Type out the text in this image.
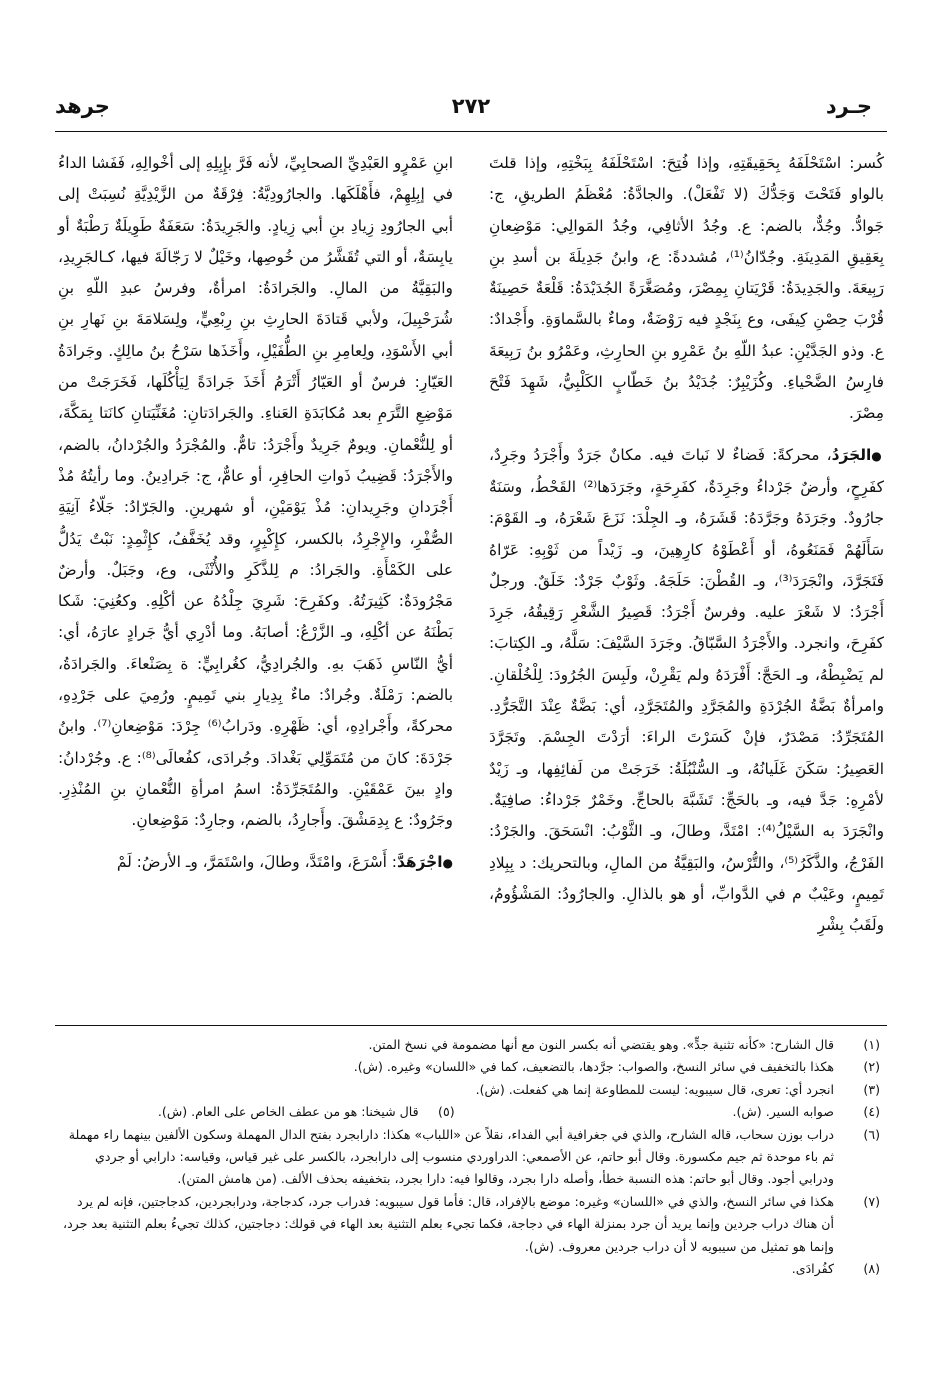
جـرد
٢٧٢
جرهد

كُسر: اسْتَحْلَفَهُ بِحَقِيقَتِهِ، وإذا فُتِحَ: اسْتَحْلَفَهُ بِبَخْتِهِ، وإذا قلتَ بالواو فَتَحْتَ وَجَدُّكَ (لا تَفْعَلْ). والجادَّةُ: مُعْظَمُ الطريقِ، ج: جَوادُّ. وجُدٌّ، بالضم: ع. وجُدُ الأثافِي، وجُدُ المَوالِي: مَوْضِعانِ بِعَقِيقِ المَدِينَةِ. وجُدّانُ⁽¹⁾، مُشددةً: ع، وابنُ جَدِيلَةَ بن أسدِ بنِ رَبِيعَةَ. والجَدِيدَةُ: قَرْيَتانِ بِمِصْرَ، ومُصَغَّرَةً الجُدَيْدَةُ: قَلْعَةٌ حَصِينَةٌ قُرْبَ حِصْنِ كِيفَى، وع بِنَجْدٍ فيه رَوْضَةٌ، وماءٌ بالسَّماوَةِ. وأَجْدادٌ: ع. وذو الجَدَّيْنِ: عبدُ اللّهِ بنُ عَمْرِو بنِ الحارِثِ، وعَمْرُو بنُ رَبِيعَةَ فارِسُ الضَّحْياءِ. وكُزَيْبِرٌ: جُدَيْدُ بنُ خَطّابٍ الكَلْبِيُّ، شَهِدَ فَتْحَ مِصْرَ.

●الجَرَدُ، محركةً: فَضاءٌ لا نَباتَ فيه. مكانٌ جَرَدٌ وأَجْرَدُ وجَرِدٌ، كفَرِحٍ، وأرضٌ جَرْداءُ وجَرِدَةٌ، كفَرِحَةٍ، وجَرَدَها⁽²⁾ القَحْطُ، وسَنَةٌ جارُودٌ. وجَرَدَهُ وجَرَّدَهُ: قَشَرَهُ، وـ الجِلْدَ: نَزَعَ شَعْرَهُ، وـ القَوْمَ: سَأَلَهُمْ فَمَنَعُوهُ، أو أَعْطَوْهُ كارِهِينَ، وـ زَيْداً من ثَوْبِهِ: عَرّاهُ فَتَجَرَّدَ، وانْجَرَدَ⁽³⁾، وـ القُطْنَ: حَلَجَهُ. وثَوْبٌ جَرْدٌ: خَلَقٌ. ورجلٌ أَجْرَدُ: لا شَعْرَ عليه. وفرسٌ أَجْرَدُ: قَصِيرُ الشَّعْرِ رَقِيقُهُ، جَرِدَ كفَرِحَ، وانجرد. والأَجْرَدُ السَّبّاقُ. وجَرَدَ السَّيْفَ: سَلَّهُ، وـ الكِتابَ: لم يَضْبِطْهُ، وـ الحَجَّ: أَفْرَدَهُ ولم يَقْرِنْ، ولَبِسَ الجُرُودَ: لِلْخُلْقانِ. وامرأةٌ بَضَّةُ الجُرْدَةِ والمُجَرَّدِ والمُتَجَرَّدِ، أي: بَضَّةٌ عِنْدَ التَّجَرُّدِ. المُتَجَرِّدُ: مَصْدَرٌ، فإنْ كَسَرْتَ الراءَ: أرَدْتَ الجِسْمَ. وتَجَرَّدَ العَصِيرُ: سَكَنَ غَلَيانُهُ، وـ السُّنْبُلَةُ: خَرَجَتْ من لَفائِفِها، وـ زَيْدٌ لأمْرِهِ: جَدَّ فيه، وـ بالحَجِّ: تَشَبَّهَ بالحاجِّ. وخَمْرٌ جَرْداءُ: صافِيَةٌ. وانْجَرَدَ به السَّيْلُ⁽⁴⁾: امْتَدَّ، وطالَ، وـ الثَّوْبُ: انْسَحَقَ. والجَرْدُ: الفَرْجُ، والذَّكَرُ⁽⁵⁾، والتُّرْسُ، والبَقِيَّةُ من المالِ، وبالتحريك: د بِبِلادِ تَمِيمٍ، وعَيْبٌ م في الدَّوابِّ، أو هو بالذالِ. والجارُودُ: المَشْؤُومُ، ولَقَبُ بِشْرِ

ابنِ عَمْرٍو العَبْدِيِّ الصحابِيِّ، لأنه فَرَّ بإِبِلِهِ إلى أخْوالِهِ، فَفَشا الداءُ في إبِلِهِمْ، فأَهْلَكَها. والجارُودِيَّةُ: فِرْقَةٌ من الزَّيْدِيَّةِ نُسِبَتْ إلى أبي الجارُودِ زِيادِ بنِ أبي زِيادٍ. والجَرِيدَةُ: سَعَفَةٌ طَوِيلَةٌ رَطْبَةٌ أو يابِسَةٌ، أو التي تُقَشَّرُ من خُوصِها، وخَيْلٌ لا رَجّالَةَ فيها، كـالجَرِيدِ، والبَقِيَّةُ من المالِ. والجَرادَةُ: امرأةٌ، وفرسُ عبدِ اللّهِ بنِ شُرَحْبِيلَ، ولأبي قَتادَةَ الحارِثِ بنِ رِبْعِيٍّ، ولِسَلامَةَ بنِ نَهارِ بنِ أبي الأَسْوَدِ، ولِعامِرِ بنِ الطُّفَيْلِ، وأَخَذَها سَرْحُ بنُ مالِكٍ. وجَرادَةُ العَيّارِ: فرسٌ أو العَيّارُ أَتْرَمُ أَخَذَ جَرادَةً لِيَأْكُلَها، فَخَرَجَتْ من مَوْضِعِ التَّرَمِ بعد مُكابَدَةِ العَناءِ. والجَرادَتانِ: مُغَنِّيَتانِ كانَتا بِمَكَّةَ، أو لِلنُّعْمانِ. ويومٌ جَرِيدٌ وأَجْرَدُ: تامٌّ. والمُجْرَدُ والجُرْدانُ، بالضم، والأَجْرَدُ: قَضِيبُ ذَواتِ الحافِرِ، أو عامٌّ، ج: جَرادِينُ. وما رأيتُهُ مُذْ أَجْرَدانِ وجَرِيدانِ: مُذْ يَوْمَيْنِ، أو شهرينِ. والجَرّادُ: جَلّاءُ آنِيَةِ الصُّفْرِ، والإِجْرِدُ، بالكسر، كإِكْبِرٍ، وقد يُخَفَّفُ، كإِثْمِدٍ: نَبْتٌ يَدُلُّ على الكَمْأَةِ. والجَرادُ: م لِلذَّكَرِ والأُنْثَى، وع، وجَبَلٌ. وأرضٌ مَجْرُودَةٌ: كَثِيرَتُهُ. وكفَرِحَ: شَرِيَ جِلْدُهُ عن أكْلِهِ. وكعُنِيَ: شَكا بَطْنَهُ عن أكْلِهِ، وـ الزَّرْعُ: أصابَهُ. وما أدْرِي أيُّ جَرادٍ عارَهُ، أي: أيُّ النّاسِ ذَهَبَ بهِ. والجُرادِيُّ، كغُرابِيٍّ: ة بِصَنْعاءَ. والجَرادَةُ، بالضم: رَمْلَةٌ. وجُرادٌ: ماءٌ بِدِيارِ بني تَمِيمٍ. ورُمِيَ على جَرْدِهِ، محركةً، وأَجْرادِهِ، أي: ظَهْرِهِ. ودَرابُ⁽⁶⁾ جِرْدَ: مَوْضِعانِ⁽⁷⁾. وابنُ جَرْدَةَ: كانَ من مُتَمَوِّلِي بَغْدادَ. وجُرادَى، كفُعالَى⁽⁸⁾: ع. وجُرْدانُ: وادٍ بينَ عَمْقَيْنِ. والمُتَجَرِّدَةُ: اسمُ امرأةِ النُّعْمانِ بنِ المُنْذِرِ. وجَرُودٌ: ع بِدِمَشْقَ. وأَجارِدُ، بالضم، وجارِدٌ: مَوْضِعانِ.

●اجْرَهَدَّ: أَسْرَعَ، وامْتَدَّ، وطالَ، واسْتَمَرَّ، وـ الأرضُ: لَمْ

(١)
قال الشارح: «كأنه تثنية جدٍّ». وهو يقتضي أنه بكسر النون مع أنها مضمومة في نسخ المتن.

(٢)
هكذا بالتخفيف في سائر النسخ، والصواب: جرَّدها، بالتضعيف، كما في «اللسان» وغيره. (ش).

(٣)
انجرد أي: تعرى، قال سيبويه: ليست للمطاوعة إنما هي كفعلت. (ش).

(٤)
صوابه السير. (ش).
(٥)
قال شيخنا: هو من عطف الخاص على العام. (ش).

(٦)
دراب بوزن سحاب، قاله الشارح، والذي في جغرافية أبي الفداء، نقلاً عن «اللباب» هكذا: دارابجرد بفتح الدال المهملة وسكون الألفين بينهما راء مهملة ثم باء موحدة ثم جيم مكسورة. وقال أبو حاتم، عن الأصمعي: الدراوردي منسوب إلى دارابجرد، بالكسر على غير قياس، وقياسه: دارابي أو جردي ودرابي أجود. وقال أبو حاتم: هذه النسبة خطأ، وأصله دارا بجرد، وقالوا فيه: دارا بجرد، بتخفيفه بحذف الألف. (من هامش المتن).

(٧)
هكذا في سائر النسخ، والذي في «اللسان» وغيره: موضع بالإفراد، قال: فأما قول سيبويه: فدراب جرد، كدجاجة، ودرابجردين، كدجاجتين، فإنه لم يرد أن هناك دراب جردين وإنما يريد أن جرد بمنزلة الهاء في دجاجة، فكما تجيء بعلم التثنية بعد الهاء في قولك: دجاجتين، كذلك تجيءُ بعلم التثنية بعد جرد، وإنما هو تمثيل من سيبويه لا أن دراب جردين معروف. (ش).

(٨)
كفُرادَى.
